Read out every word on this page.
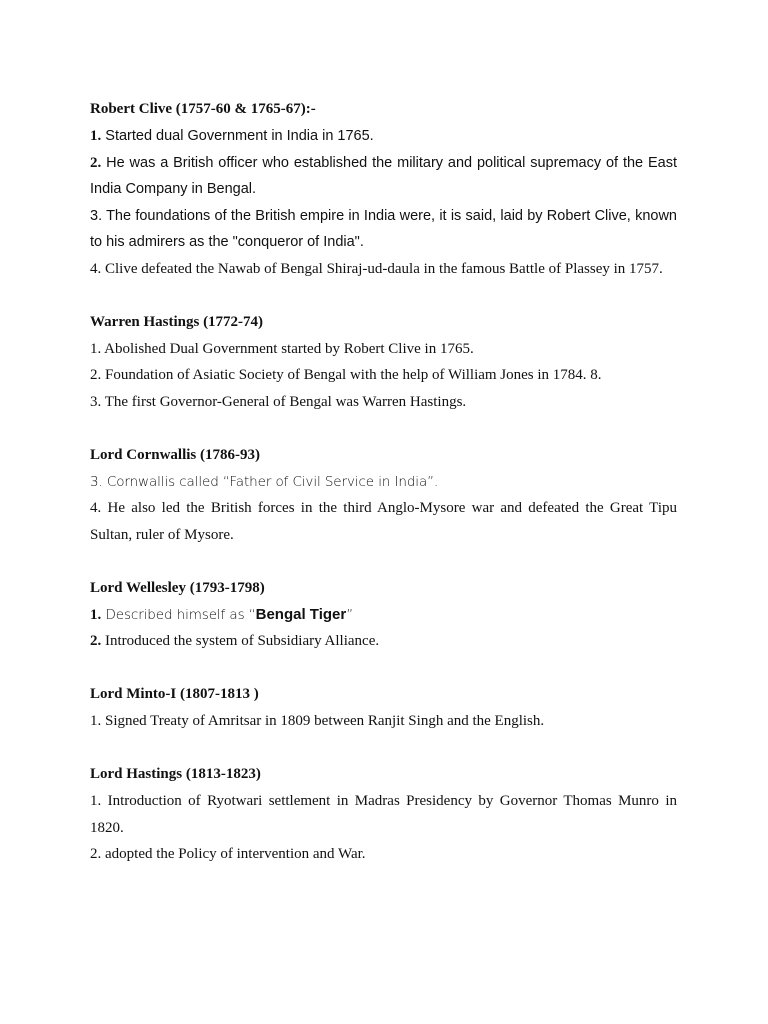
Robert Clive (1757-60 & 1765-67):-
1. Started dual Government in India in 1765.
2. He was a British officer who established the military and political supremacy of the East India Company in Bengal.
3. The foundations of the British empire in India were, it is said, laid by Robert Clive, known to his admirers as the "conqueror of India".
4. Clive defeated the Nawab of Bengal Shiraj-ud-daula in the famous Battle of Plassey in 1757.
Warren Hastings (1772-74)
1. Abolished Dual Government started by Robert Clive in 1765.
2. Foundation of Asiatic Society of Bengal with the help of William Jones in 1784. 8.
3. The first Governor-General of Bengal was Warren Hastings.
Lord Cornwallis (1786-93)
3. Cornwallis called “Father of Civil Service in India”.
4. He also led the British forces in the third Anglo-Mysore war and defeated the Great Tipu Sultan, ruler of Mysore.
Lord Wellesley (1793-1798)
1. Described himself as “Bengal Tiger”
2. Introduced the system of Subsidiary Alliance.
Lord Minto-I (1807-1813 )
1. Signed Treaty of Amritsar in 1809 between Ranjit Singh and the English.
Lord Hastings (1813-1823)
1. Introduction of Ryotwari settlement in Madras Presidency by Governor Thomas Munro in 1820.
2. adopted the Policy of intervention and War.
